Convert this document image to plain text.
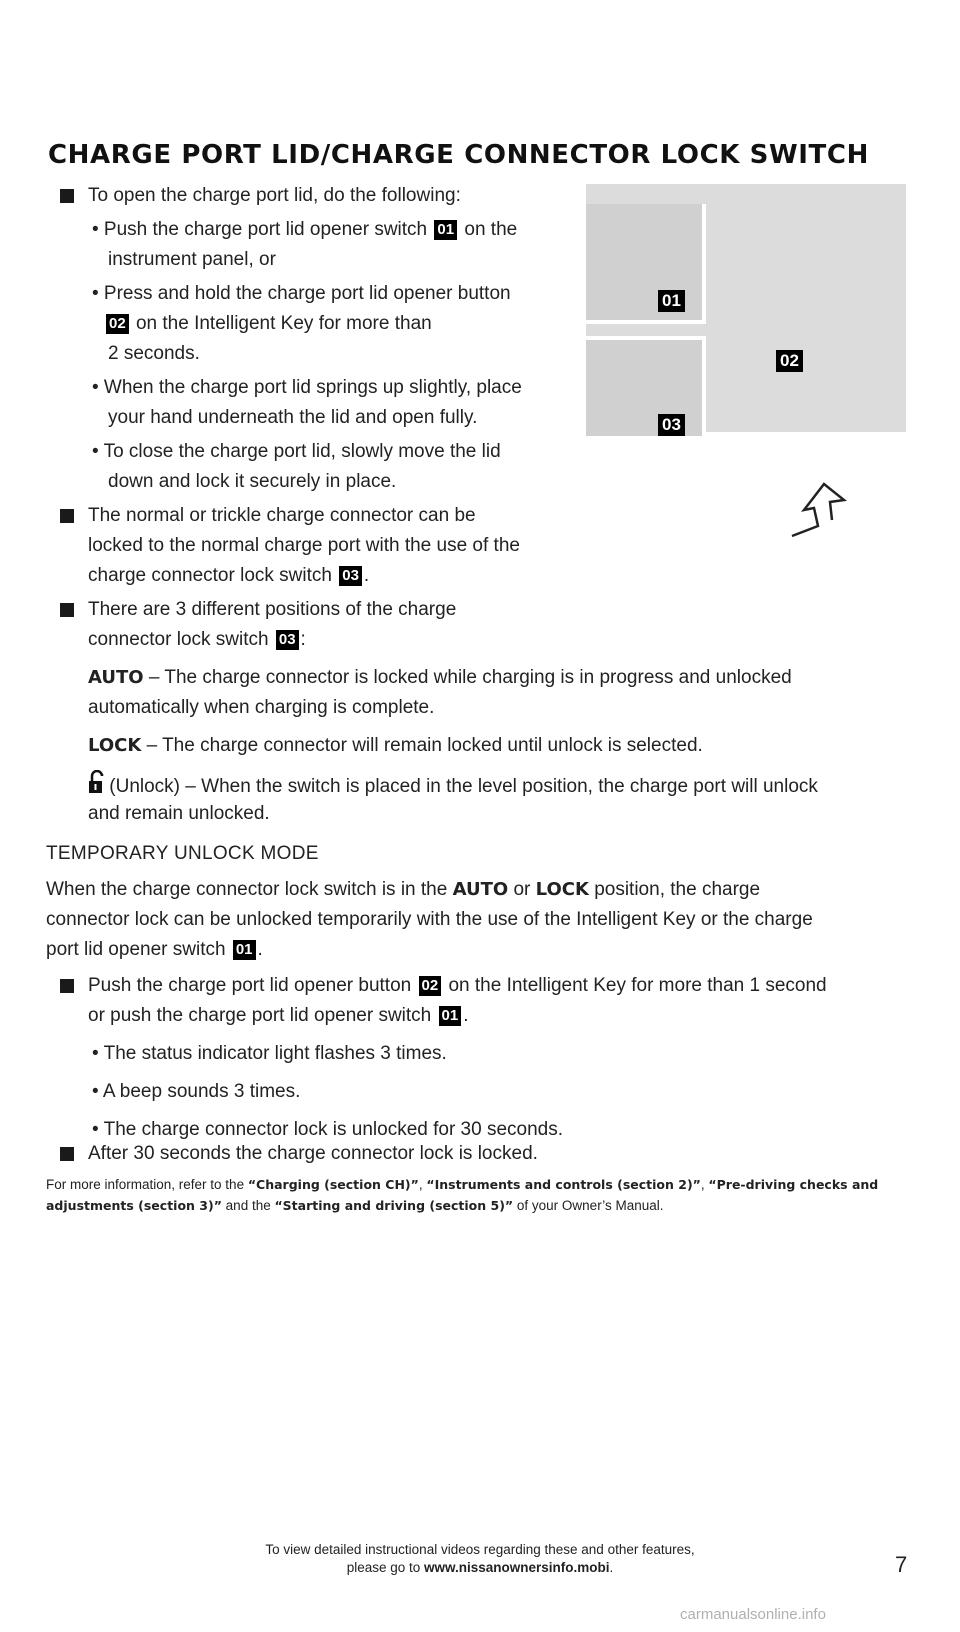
CHARGE PORT LID/CHARGE CONNECTOR LOCK SWITCH
To open the charge port lid, do the following:
• Push the charge port lid opener switch 01 on the
instrument panel, or
• Press and hold the charge port lid opener button
02 on the Intelligent Key for more than
2 seconds.
• When the charge port lid springs up slightly, place
your hand underneath the lid and open fully.
• To close the charge port lid, slowly move the lid
down and lock it securely in place.
The normal or trickle charge connector can be
locked to the normal charge port with the use of the
charge connector lock switch 03 .
There are 3 different positions of the charge
connector lock switch 03 :
AUTO – The charge connector is locked while charging is in progress and unlocked
automatically when charging is complete.
LOCK – The charge connector will remain locked until unlock is selected.
(Unlock) – When the switch is placed in the level position, the charge port will unlock
and remain unlocked.
TEMPORARY UNLOCK MODE
When the charge connector lock switch is in the AUTO or LOCK position, the charge
connector lock can be unlocked temporarily with the use of the Intelligent Key or the charge
port lid opener switch 01 .
Push the charge port lid opener button 02 on the Intelligent Key for more than 1 second
or push the charge port lid opener switch 01 .
• The status indicator light flashes 3 times.
• A beep sounds 3 times.
• The charge connector lock is unlocked for 30 seconds.
After 30 seconds the charge connector lock is locked.
For more information, refer to the “Charging (section CH)”, “Instruments and controls (section 2)”, “Pre-driving checks and adjustments (section 3)” and the “Starting and driving (section 5)” of your Owner’s Manual.
01
02
03
To view detailed instructional videos regarding these and other features,
please go to www.nissanownersinfo.mobi.	7
carmanualsonline.info
